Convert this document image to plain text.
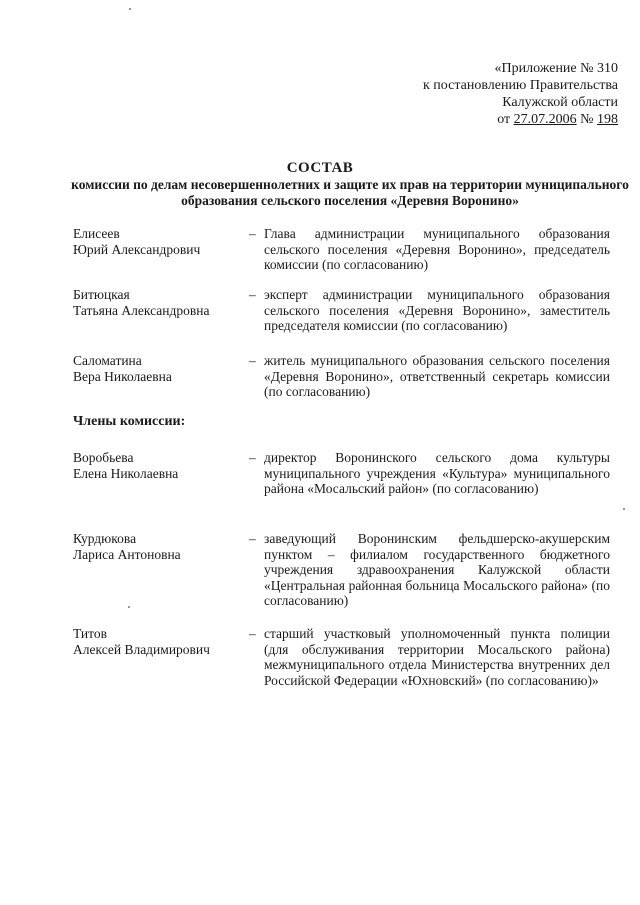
«Приложение № 310
к постановлению Правительства
Калужской области
от 27.07.2006 № 198
СОСТАВ
комиссии по делам несовершеннолетних и защите их прав на территории муниципального образования сельского поселения «Деревня Воронино»
Елисеев
Юрий Александрович
– Глава администрации муниципального образования сельского поселения «Деревня Воронино», председатель комиссии (по согласованию)
Битюцкая
Татьяна Александровна
– эксперт администрации муниципального образования сельского поселения «Деревня Воронино», заместитель председателя комиссии (по согласованию)
Саломатина
Вера Николаевна
– житель муниципального образования сельского поселения «Деревня Воронино», ответственный секретарь комиссии (по согласованию)
Члены комиссии:
Воробьева
Елена Николаевна
– директор Воронинского сельского дома культуры муниципального учреждения «Культура» муниципального района «Мосальский район» (по согласованию)
Курдюкова
Лариса Антоновна
– заведующий Воронинским фельдшерско-акушерским пунктом – филиалом государственного бюджетного учреждения здравоохранения Калужской области «Центральная районная больница Мосальского района» (по согласованию)
Титов
Алексей Владимирович
– старший участковый уполномоченный пункта полиции (для обслуживания территории Мосальского района) межмуниципального отдела Министерства внутренних дел Российской Федерации «Юхновский» (по согласованию)»
